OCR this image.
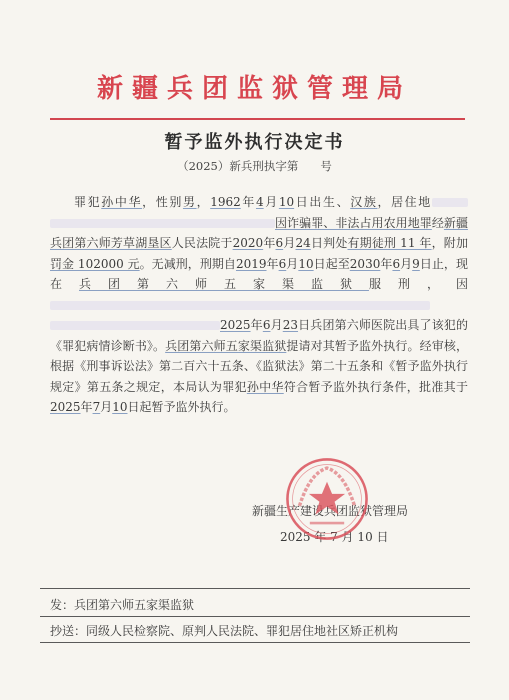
新疆兵团监狱管理局
暂予监外执行决定书
（2025）新兵刑执字第 号

罪犯孙中华，性别男，1962年4月10日出生、汉族，居住地因诈骗罪、非法占用农用地罪经新疆兵团第六师芳草湖垦区人民法院于2020年6月24日判处有期徒刑 11 年，附加罚金 102000 元。无减刑，刑期自2019年6月10日起至2030年6月9日止，现在兵团第六师五家渠监狱服刑，因2025年6月23日兵团第六师医院出具了该犯的《罪犯病情诊断书》。兵团第六师五家渠监狱提请对其暂予监外执行。经审核，根据《刑事诉讼法》第二百六十五条、《监狱法》第二十五条和《暂予监外执行规定》第五条之规定，本局认为罪犯孙中华符合暂予监外执行条件，批准其于2025年7月10日起暂予监外执行。

新疆生产建设兵团监狱管理局
2025 年 7 月 10 日
发：兵团第六师五家渠监狱
抄送：同级人民检察院、原判人民法院、罪犯居住地社区矫正机构
